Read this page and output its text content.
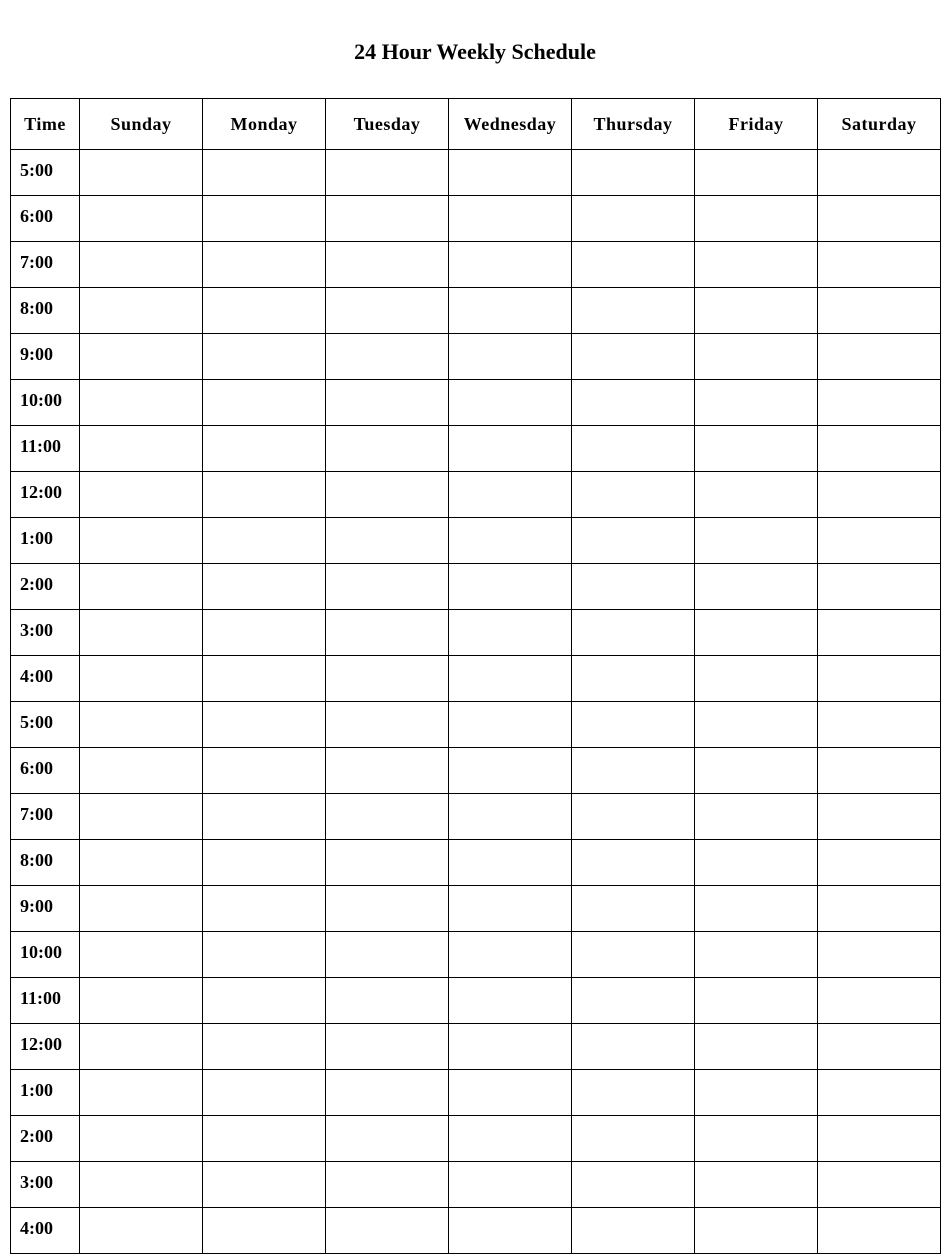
24 Hour Weekly Schedule
Time	Sunday	Monday	Tuesday	Wednesday	Thursday	Friday	Saturday
5:00							
6:00							
7:00							
8:00							
9:00							
10:00							
11:00							
12:00							
1:00							
2:00							
3:00							
4:00							
5:00							
6:00							
7:00							
8:00							
9:00							
10:00							
11:00							
12:00							
1:00							
2:00							
3:00							
4:00							
